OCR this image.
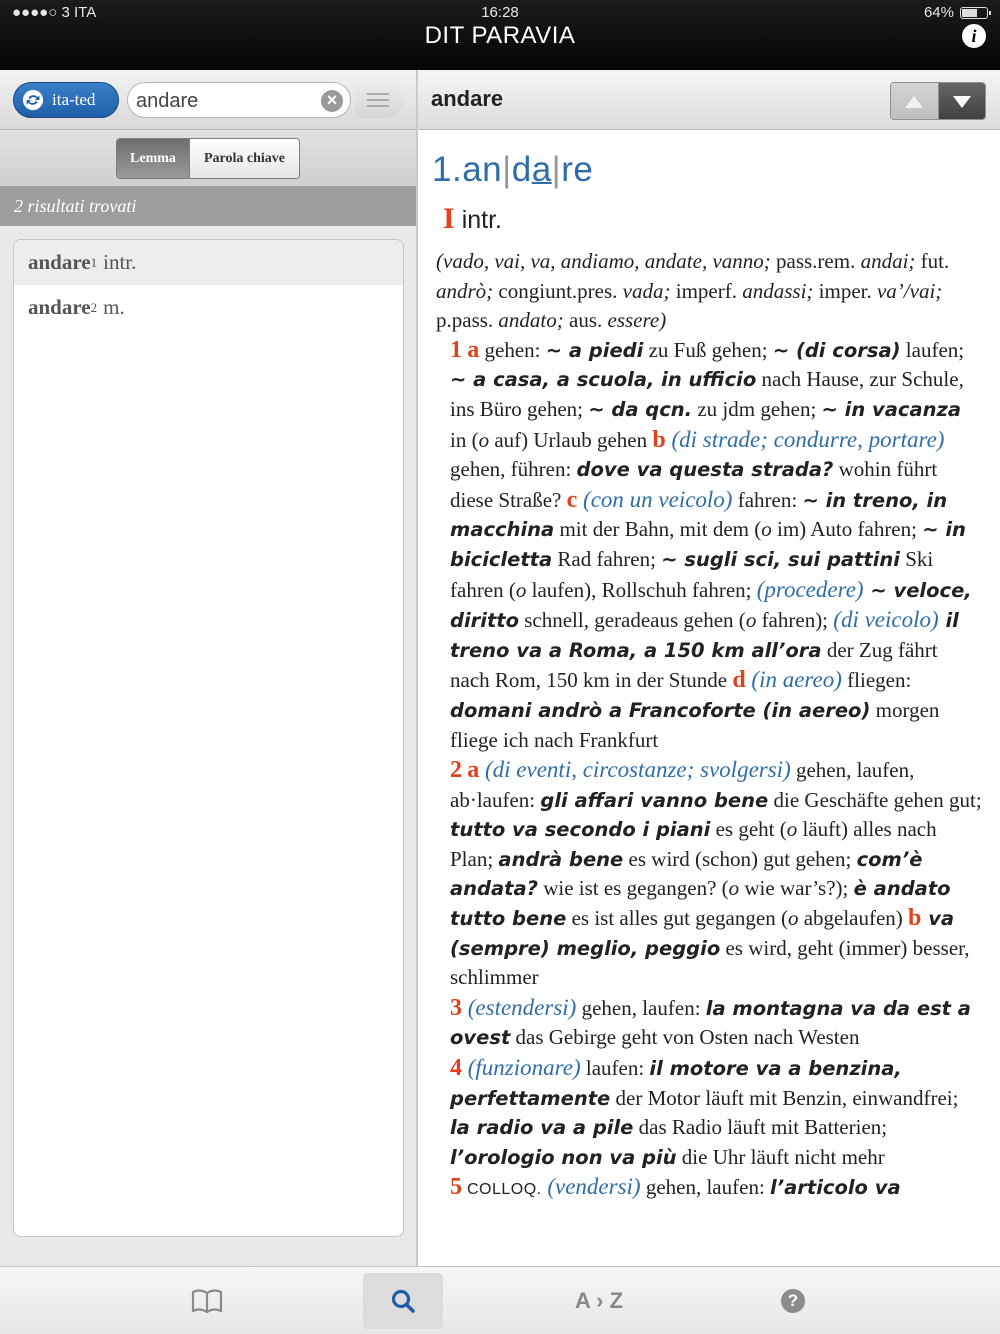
●●●●○ 3 ITA	16:28	64%
DIT PARAVIA	i
ita-ted
andare	×
Lemma	Parola chiave
2 risultati trovati
andare 1 intr.
andare 2 m.
andare
1.an|da|re
I intr.
(vado, vai, va, andiamo, andate, vanno; pass.rem. andai; fut. andrò; congiunt.pres. vada; imperf. andassi; imper. va’/vai; p.pass. andato; aus. essere)
1 a gehen: ~ a piedi zu Fuß gehen; ~ (di corsa) laufen; ~ a casa, a scuola, in ufficio nach Hause, zur Schule, ins Büro gehen; ~ da qcn. zu jdm gehen; ~ in vacanza in (o auf) Urlaub gehen b (di strade; condurre, portare) gehen, führen: dove va questa strada? wohin führt diese Straße? c (con un veicolo) fahren: ~ in treno, in macchina mit der Bahn, mit dem (o im) Auto fahren; ~ in bicicletta Rad fahren; ~ sugli sci, sui pattini Ski fahren (o laufen), Rollschuh fahren; (procedere) ~ veloce, diritto schnell, geradeaus gehen (o fahren); (di veicolo) il treno va a Roma, a 150 km all’ora der Zug fährt nach Rom, 150 km in der Stunde d (in aereo) fliegen: domani andrò a Francoforte (in aereo) morgen fliege ich nach Frankfurt
2 a (di eventi, circostanze; svolgersi) gehen, laufen, ab·laufen: gli affari vanno bene die Geschäfte gehen gut; tutto va secondo i piani es geht (o läuft) alles nach Plan; andrà bene es wird (schon) gut gehen; com’è andata? wie ist es gegangen? (o wie war’s?); è andato tutto bene es ist alles gut gegangen (o abgelaufen) b va (sempre) meglio, peggio es wird, geht (immer) besser, schlimmer
3 (estendersi) gehen, laufen: la montagna va da est a ovest das Gebirge geht von Osten nach Westen
4 (funzionare) laufen: il motore va a benzina, perfettamente der Motor läuft mit Benzin, einwandfrei; la radio va a pile das Radio läuft mit Batterien; l’orologio non va più die Uhr läuft nicht mehr
5 COLLOQ. (vendersi) gehen, laufen: l’articolo va
A › Z	?
